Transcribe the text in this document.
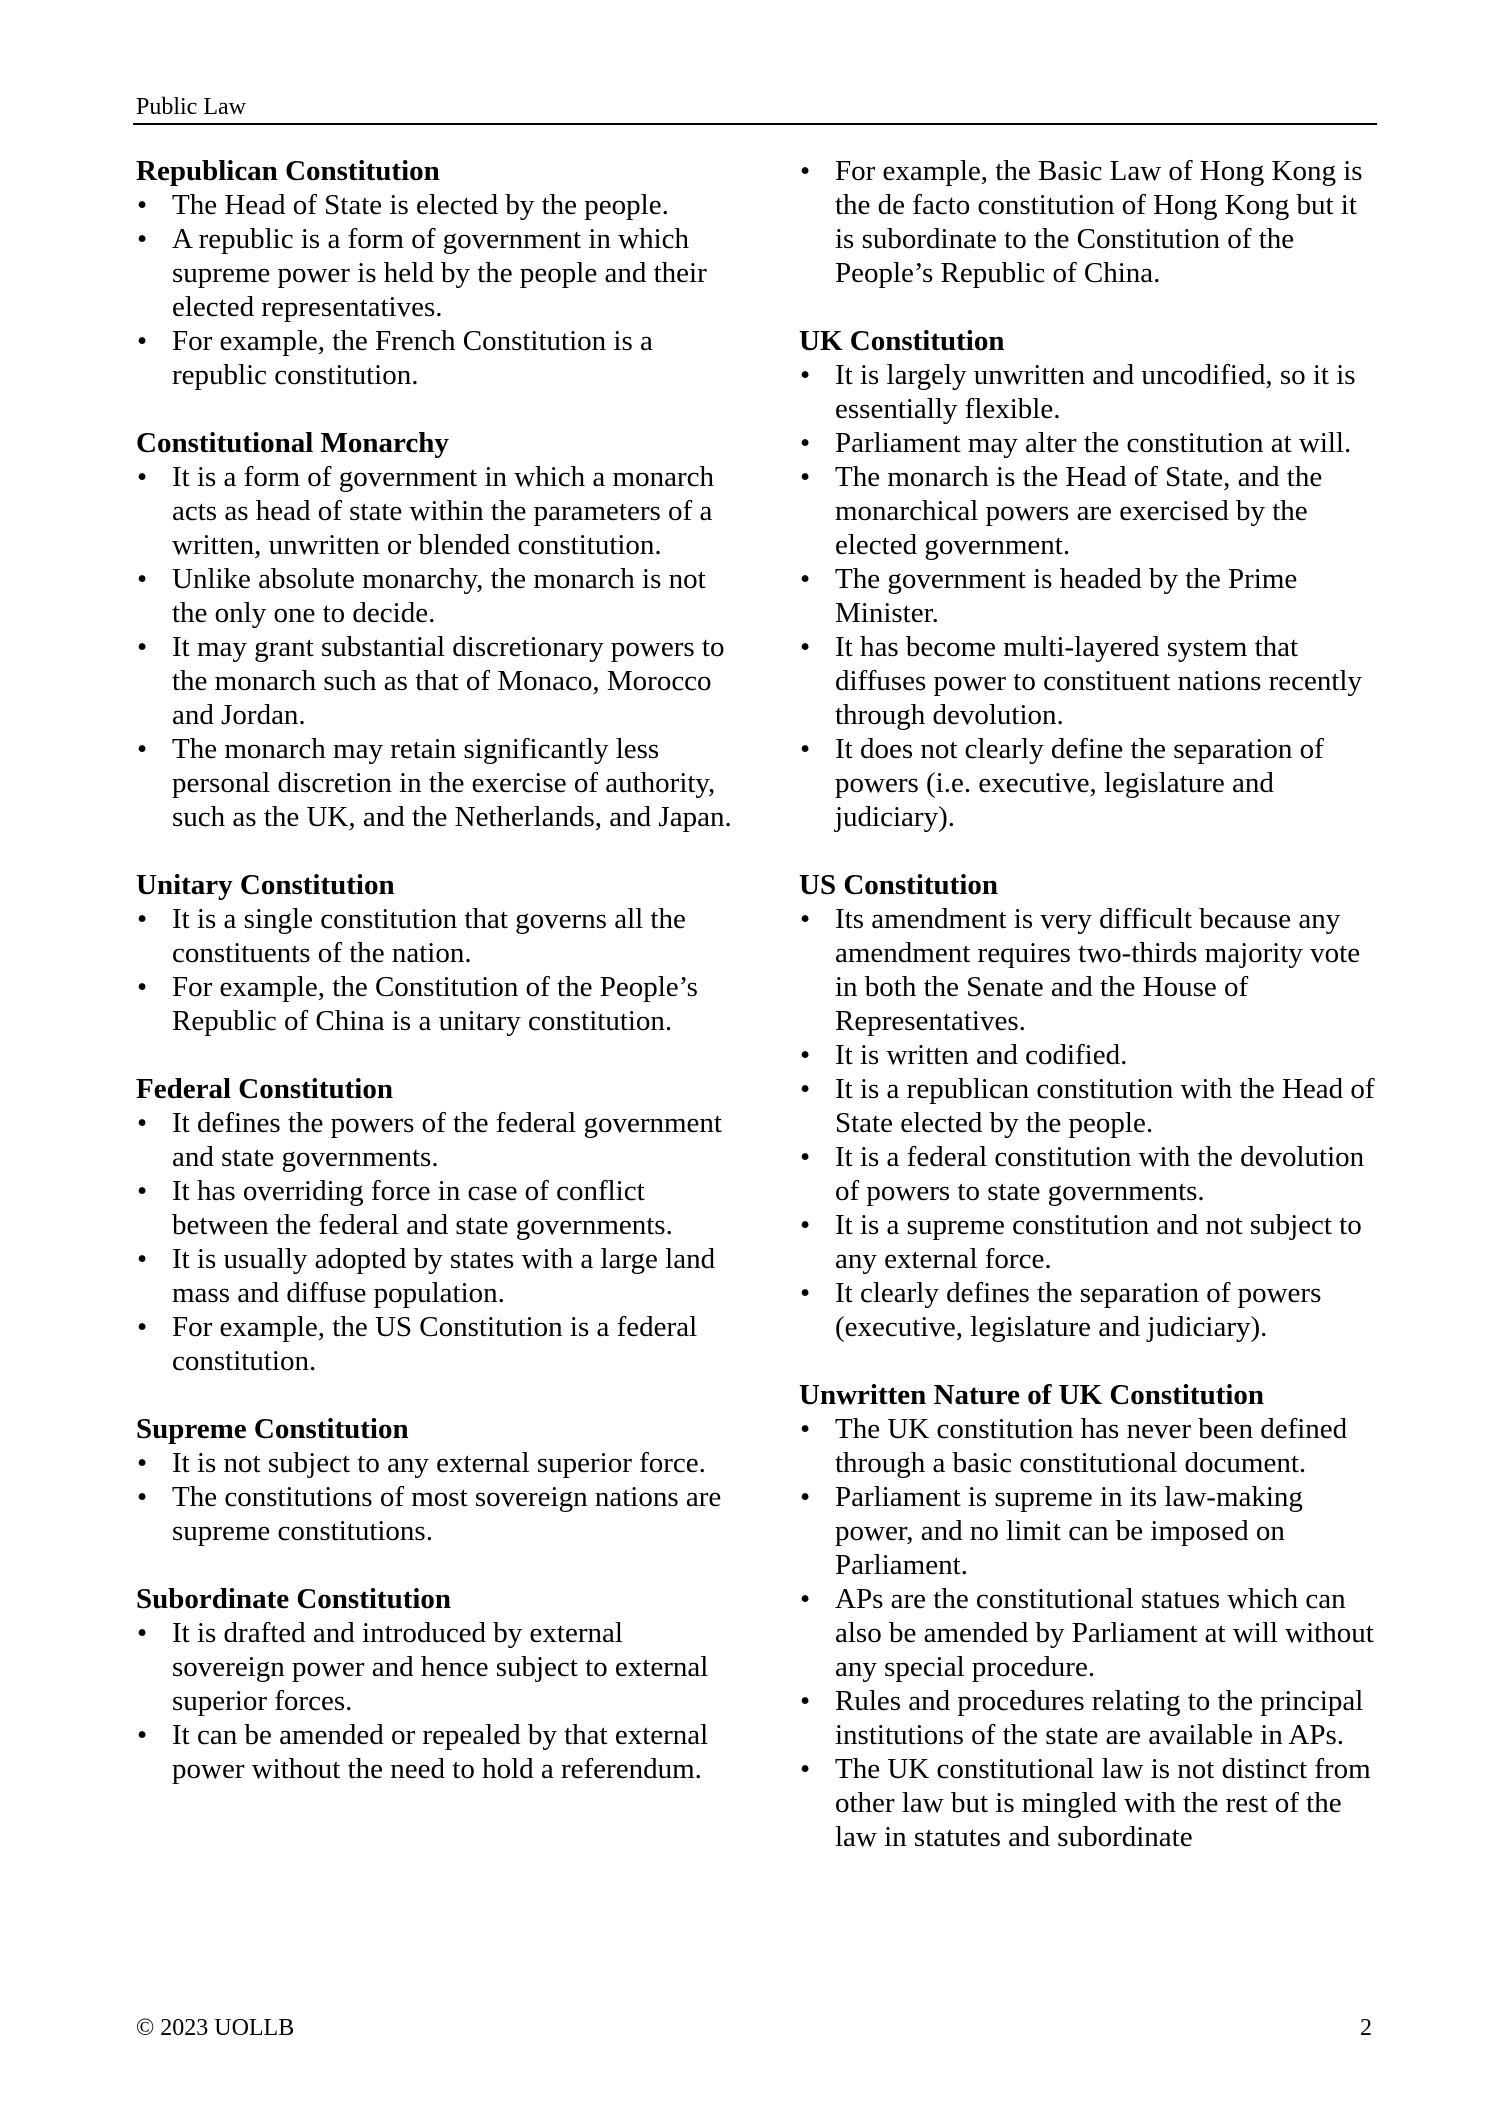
Public Law
Republican Constitution
• The Head of State is elected by the people.
• A republic is a form of government in which supreme power is held by the people and their elected representatives.
• For example, the French Constitution is a republic constitution.
Constitutional Monarchy
• It is a form of government in which a monarch acts as head of state within the parameters of a written, unwritten or blended constitution.
• Unlike absolute monarchy, the monarch is not the only one to decide.
• It may grant substantial discretionary powers to the monarch such as that of Monaco, Morocco and Jordan.
• The monarch may retain significantly less personal discretion in the exercise of authority, such as the UK, and the Netherlands, and Japan.
Unitary Constitution
• It is a single constitution that governs all the constituents of the nation.
• For example, the Constitution of the People’s Republic of China is a unitary constitution.
Federal Constitution
• It defines the powers of the federal government and state governments.
• It has overriding force in case of conflict between the federal and state governments.
• It is usually adopted by states with a large land mass and diffuse population.
• For example, the US Constitution is a federal constitution.
Supreme Constitution
• It is not subject to any external superior force.
• The constitutions of most sovereign nations are supreme constitutions.
Subordinate Constitution
• It is drafted and introduced by external sovereign power and hence subject to external superior forces.
• It can be amended or repealed by that external power without the need to hold a referendum.
• For example, the Basic Law of Hong Kong is the de facto constitution of Hong Kong but it is subordinate to the Constitution of the People’s Republic of China.
UK Constitution
• It is largely unwritten and uncodified, so it is essentially flexible.
• Parliament may alter the constitution at will.
• The monarch is the Head of State, and the monarchical powers are exercised by the elected government.
• The government is headed by the Prime Minister.
• It has become multi-layered system that diffuses power to constituent nations recently through devolution.
• It does not clearly define the separation of powers (i.e. executive, legislature and judiciary).
US Constitution
• Its amendment is very difficult because any amendment requires two-thirds majority vote in both the Senate and the House of Representatives.
• It is written and codified.
• It is a republican constitution with the Head of State elected by the people.
• It is a federal constitution with the devolution of powers to state governments.
• It is a supreme constitution and not subject to any external force.
• It clearly defines the separation of powers (executive, legislature and judiciary).
Unwritten Nature of UK Constitution
• The UK constitution has never been defined through a basic constitutional document.
• Parliament is supreme in its law-making power, and no limit can be imposed on Parliament.
• APs are the constitutional statues which can also be amended by Parliament at will without any special procedure.
• Rules and procedures relating to the principal institutions of the state are available in APs.
• The UK constitutional law is not distinct from other law but is mingled with the rest of the law in statutes and subordinate
© 2023 UOLLB	2
